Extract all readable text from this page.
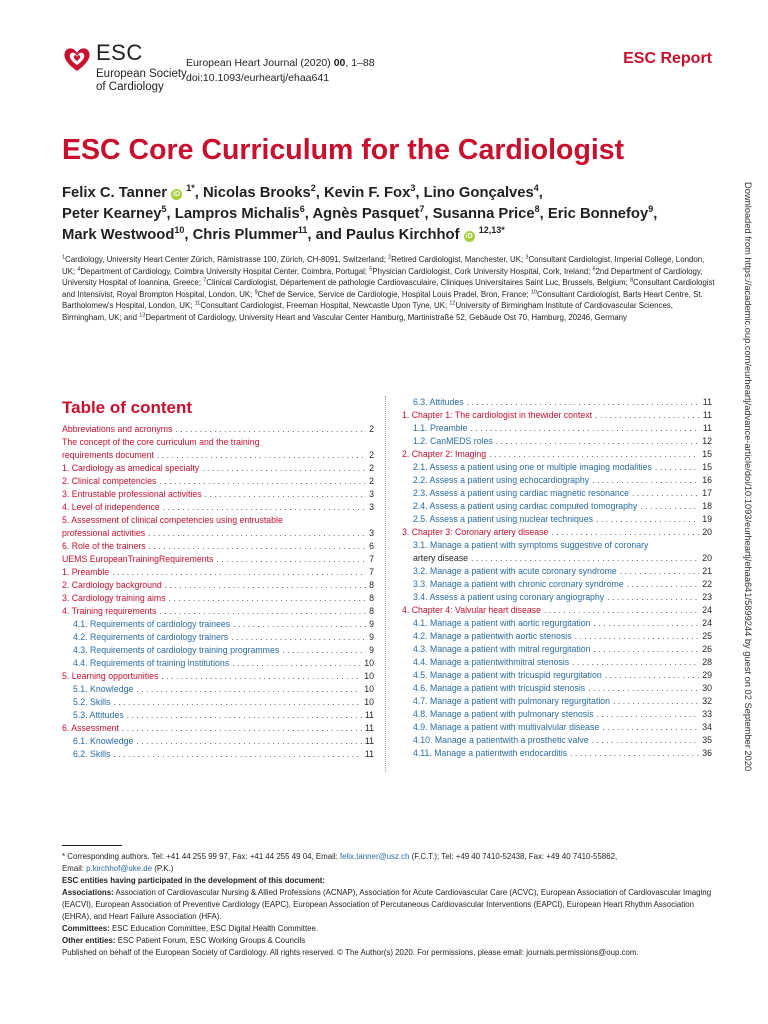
ESC
European Society
of Cardiology
European Heart Journal (2020) 00, 1–88
doi:10.1093/eurheartj/ehaa641
ESC Report
ESC Core Curriculum for the Cardiologist
Felix C. Tanner iD $^{1*}$, Nicolas Brooks$^2$, Kevin F. Fox$^3$, Lino Gonçalves$^4$,
Peter Kearney$^5$, Lampros Michalis$^6$, Agnès Pasquet$^7$, Susanna Price$^8$, Eric Bonnefoy$^9$,
Mark Westwood$^{10}$, Chris Plummer$^{11}$, and Paulus Kirchhof iD $^{12,13*}$
$^1$Cardiology, University Heart Center Zürich, Rämistrasse 100, Zürich, CH-8091, Switzerland; $^2$Retired Cardiologist, Manchester, UK; $^3$Consultant Cardiologist, Imperial College, London, UK; $^4$Department of Cardiology, Coimbra University Hospital Center, Coimbra, Portugal; $^5$Physician Cardiologist, Cork University Hospital, Cork, Ireland; $^6$2nd Department of Cardiology, University Hospital of Ioannina, Greece; $^7$Clinical Cardiologist, Département de pathologie Cardiovasculaire, Cliniques Universitaires Saint Luc, Brussels, Belgium; $^8$Consultant Cardiologist and Intensivist, Royal Brompton Hospital, London, UK; $^9$Chef de Service, Service de Cardiologie, Hospital Louis Pradel, Bron, France; $^{10}$Consultant Cardiologist, Barts Heart Centre, St. Bartholomew's Hospital, London, UK; $^{11}$Consultant Cardiologist, Freeman Hospital, Newcastle Upon Tyne, UK; $^{12}$University of Birmingham Institute of Cardiovascular Sciences, Birmingham, UK; and $^{13}$Department of Cardiology, University Heart and Vascular Center Hamburg, Martinistraße 52, Gebäude Ost 70, Hamburg, 20246, Germany	Downloaded from https://academic.oup.com/eurheartj/advance-article/doi/10.1093/eurheartj/ehaa641/5899244 by guest on 02 September 2020
Table of content
Abbreviations and acronyms . . .	2
The concept of the core curriculum and the training
requirements document . . .	2
1. Cardiology as amedical specialty . . .	2
2. Clinical competencies . . .	2
3. Entrustable professional activities . . .	3
4. Level of independence . . .	3
5. Assessment of clinical competencies using entrustable
professional activities . . .	3
6. Role of the trainers . . .	6
UEMS EuropeanTrainingRequirements . . .	7
1. Preamble . . .	7
2. Cardiology background . . .	8
3. Cardiology training aims . . .	8
4. Training requirements . . .	8
4.1. Requirements of cardiology trainees . . .	9
4.2. Requirements of cardiology trainers . . .	9
4.3. Requirements of cardiology training programmes . . .	9
4.4. Requirements of training institutions . . .	10
5. Learning opportunities . . .	10
5.1. Knowledge . . .	10
5.2. Skills . . .	10
5.3. Attitudes . . .	11
6. Assessment . . .	11
6.1. Knowledge . . .	11
6.2. Skills . . .	11
6.3. Attitudes . . .	11
1. Chapter 1: The cardiologist in thewider context . . .	11
1.1. Preamble . . .	11
1.2. CanMEDS roles . . .	12
2. Chapter 2: Imaging . . .	15
2.1. Assess a patient using one or multiple imaging modalities . . .	15
2.2. Assess a patient using echocardiography . . .	16
2.3. Assess a patient using cardiac magnetic resonance . . .	17
2.4. Assess a patient using cardiac computed tomography . . .	18
2.5. Assess a patient using nuclear techniques . . .	19
3. Chapter 3: Coronary artery disease . . .	20
3.1. Manage a patient with symptoms suggestive of coronary
artery disease . . .	20
3.2. Manage a patient with acute coronary syndrome . . .	21
3.3. Manage a patient with chronic coronary syndrome . . .	22
3.4. Assess a patient using coronary angiography . . .	23
4. Chapter 4: Valvular heart disease . . .	24
4.1. Manage a patient with aortic regurgitation . . .	24
4.2. Manage a patientwith aortic stenosis . . .	25
4.3. Manage a patient with mitral regurgitation . . .	26
4.4. Manage a patientwithmitral stenosis . . .	28
4.5. Manage a patient with tricuspid regurgitation . . .	29
4.6. Manage a patient with tricuspid stenosis . . .	30
4.7. Manage a patient with pulmonary regurgitation . . .	32
4.8. Manage a patient with pulmonary stenosis . . .	33
4.9. Manage a patient with multivalvular disease . . .	34
4.10. Manage a patientwith a prosthetic valve . . .	35
4.11. Manage a patientwith endocarditis . . .	36
* Corresponding authors. Tel: +41 44 255 99 97, Fax: +41 44 255 49 04, Email: felix.tanner@usz.ch (F.C.T.); Tel: +49 40 7410-52438, Fax: +49 40 7410-55862,
Email: p.kirchhof@uke.de (P.K.)
ESC entities having participated in the development of this document:
Associations: Association of Cardiovascular Nursing & Allied Professions (ACNAP), Association for Acute Cardiovascular Care (ACVC), European Association of Cardiovascular Imaging (EACVI), European Association of Preventive Cardiology (EAPC), European Association of Percutaneous Cardiovascular Interventions (EAPCI), European Heart Rhythm Association (EHRA), and Heart Failure Association (HFA).
Committees: ESC Education Committee, ESC Digital Health Committee.
Other entities: ESC Patient Forum, ESC Working Groups & Councils
Published on behalf of the European Society of Cardiology. All rights reserved. © The Author(s) 2020. For permissions, please email: journals.permissions@oup.com.
